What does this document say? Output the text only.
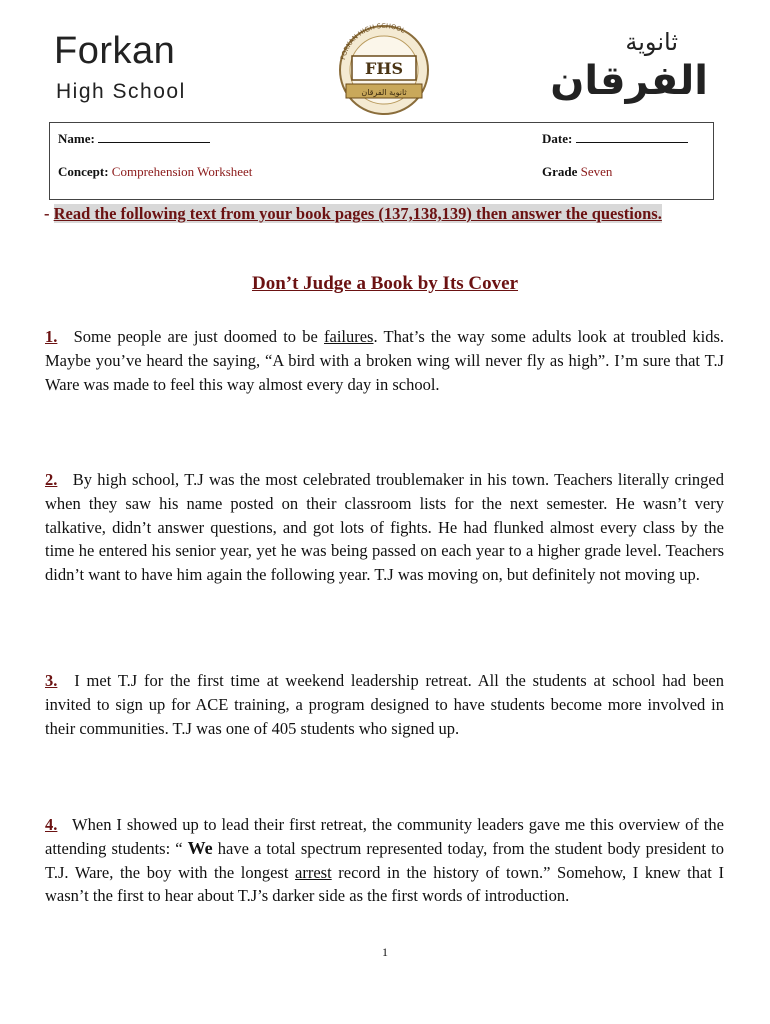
Forkan
High School
FORKAN HIGH SCHOOL
FHS
ثانوية الفرقان
ثانوية
الفرقان
Name:	Date:
Concept: Comprehension Worksheet	Grade Seven
- Read the following text from your book pages (137,138,139) then answer the questions.
Don’t Judge a Book by Its Cover
1. Some people are just doomed to be failures. That’s the way some adults look at troubled kids. Maybe you’ve heard the saying, “A bird with a broken wing will never fly as high”. I’m sure that T.J Ware was made to feel this way almost every day in school.
2. By high school, T.J was the most celebrated troublemaker in his town. Teachers literally cringed when they saw his name posted on their classroom lists for the next semester. He wasn’t very talkative, didn’t answer questions, and got lots of fights. He had flunked almost every class by the time he entered his senior year, yet he was being passed on each year to a higher grade level. Teachers didn’t want to have him again the following year. T.J was moving on, but definitely not moving up.
3. I met T.J for the first time at weekend leadership retreat. All the students at school had been invited to sign up for ACE training, a program designed to have students become more involved in their communities. T.J was one of 405 students who signed up.
4. When I showed up to lead their first retreat, the community leaders gave me this overview of the attending students: “ We have a total spectrum represented today, from the student body president to T.J. Ware, the boy with the longest arrest record in the history of town.” Somehow, I knew that I wasn’t the first to hear about T.J’s darker side as the first words of introduction.
1
